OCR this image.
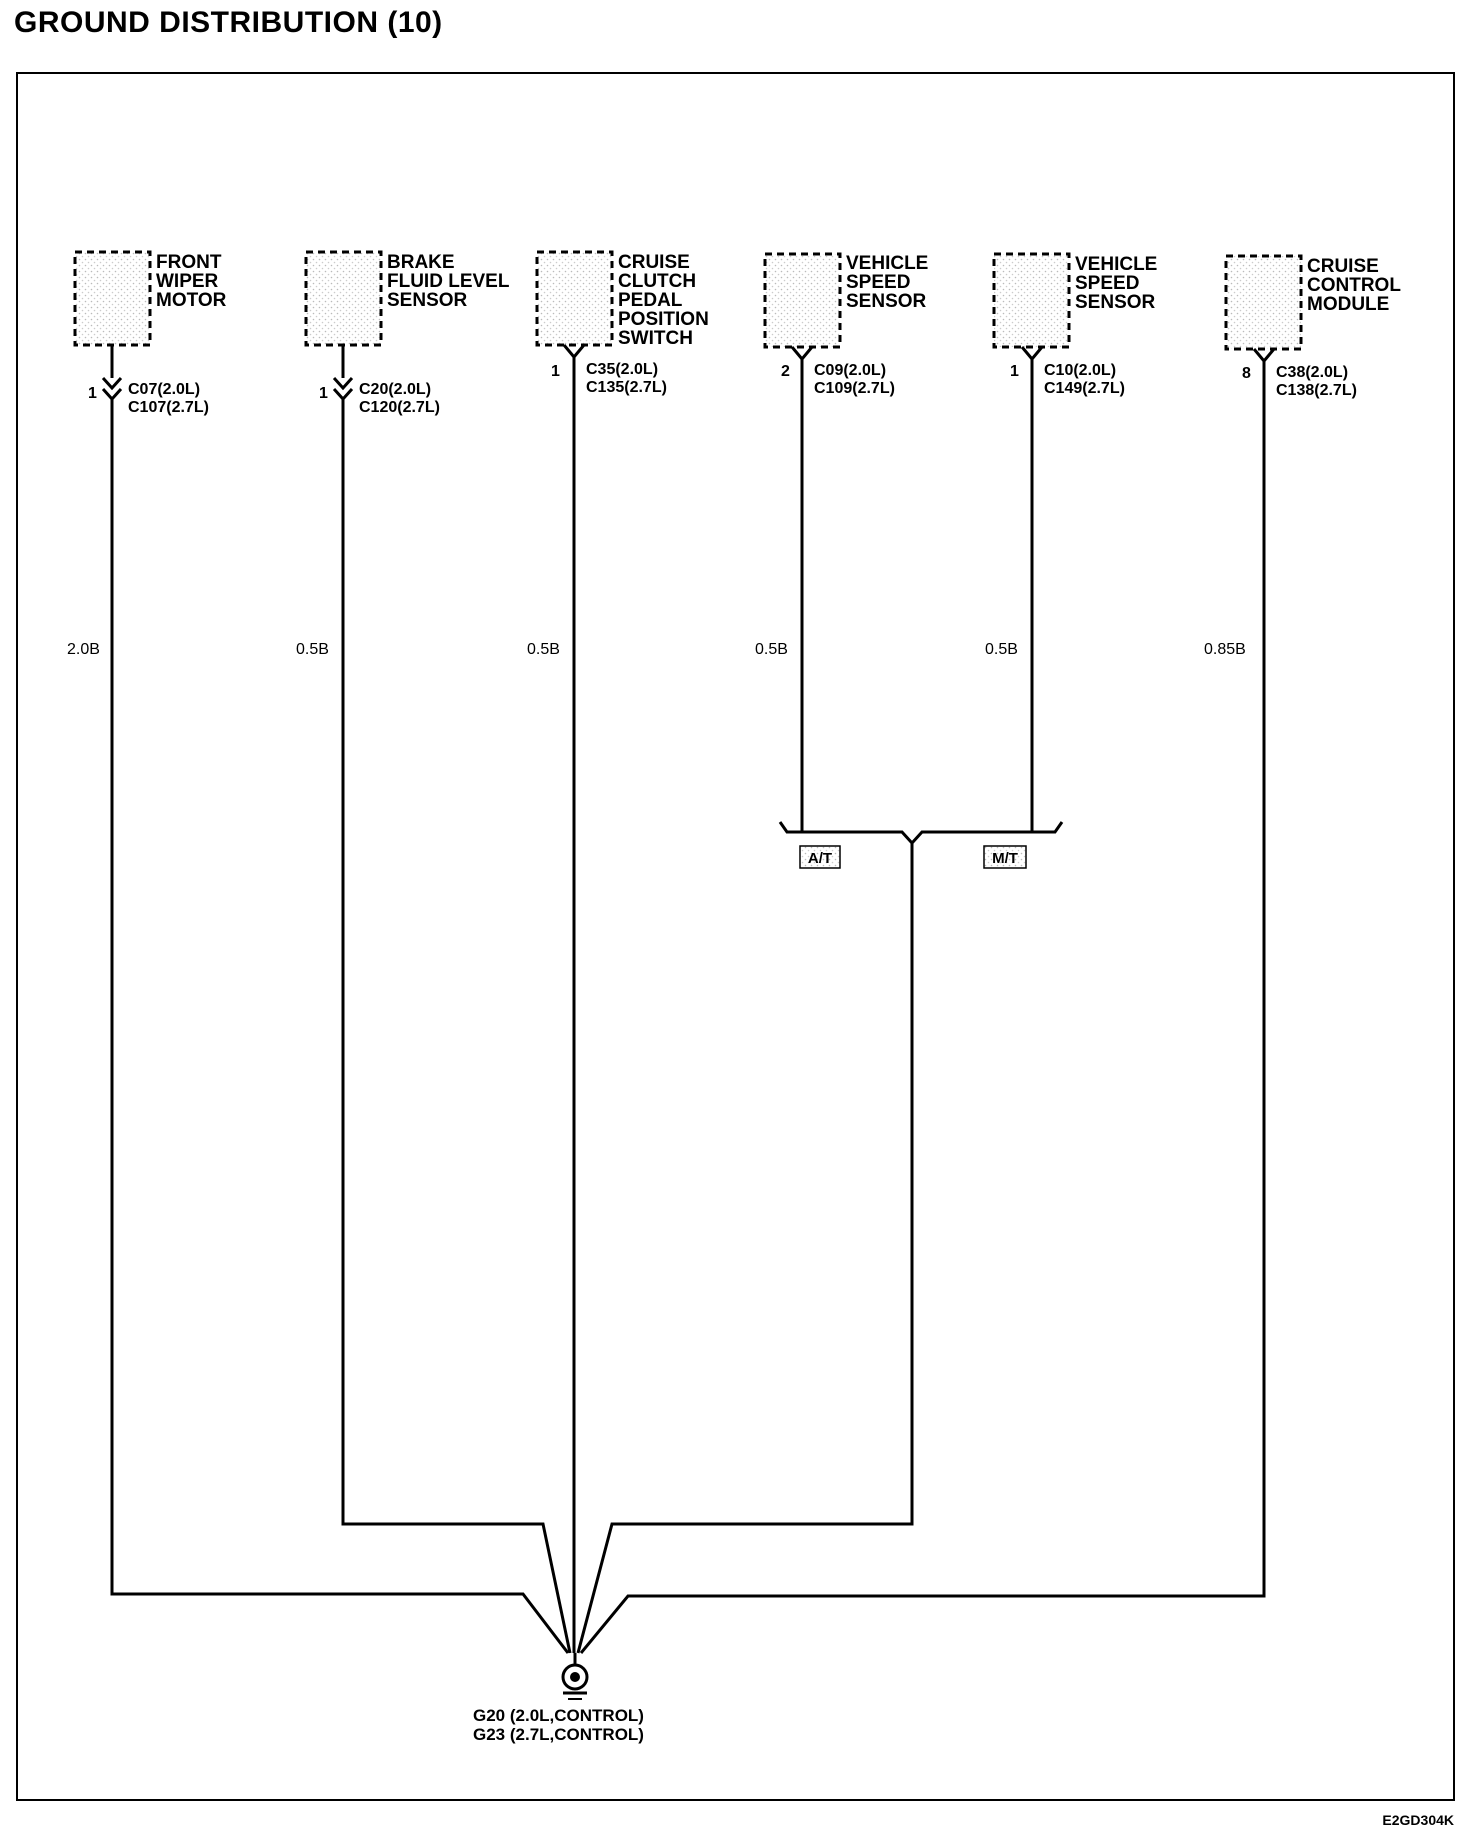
GROUND DISTRIBUTION (10)
FRONT WIPER MOTOR
BRAKE FLUID LEVEL SENSOR
CRUISE CLUTCH PEDAL POSITION SWITCH
VEHICLE SPEED SENSOR
VEHICLE SPEED SENSOR
CRUISE CONTROL MODULE
1	1
1	2	1	8
C07(2.0L) C107(2.7L)
C20(2.0L) C120(2.7L)
C35(2.0L) C135(2.7L)
C09(2.0L) C109(2.7L)
C10(2.0L) C149(2.7L)
C38(2.0L) C138(2.7L)
2.0B	0.5B	0.5B	0.5B	0.5B	0.85B
A/T	M/T
G20 (2.0L,CONTROL) G23 (2.7L,CONTROL)
E2GD304K
